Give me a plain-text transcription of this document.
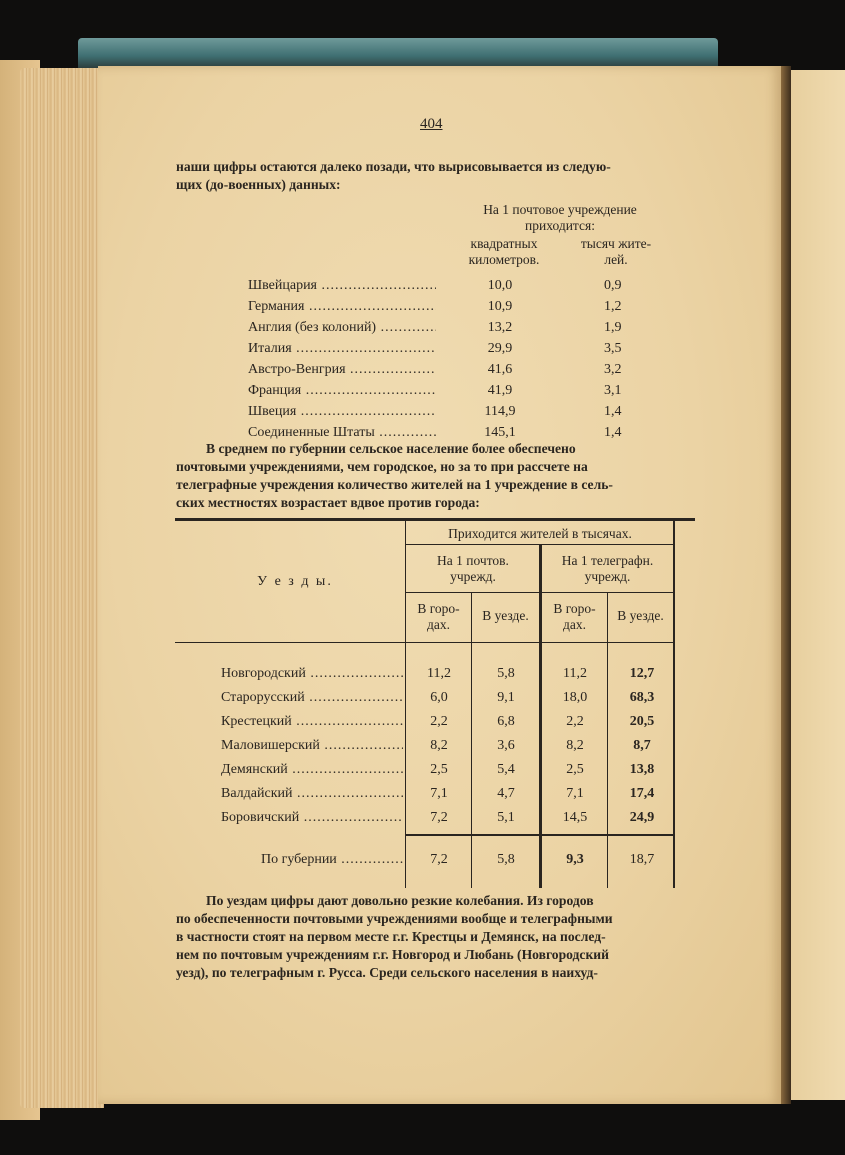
404
наши цифры остаются далеко позади, что вырисовывается из следую-
щих (до-военных) данных:
На 1 почтовое учреждение
приходится:
квадратных
километров.
тысяч жите-
лей.
Швейцария .....	10,0	0,9
Германия .....	10,9	1,2
Англия (без колоний) .....	13,2	1,9
Италия .....	29,9	3,5
Австро-Венгрия .....	41,6	3,2
Франция .....	41,9	3,1
Швеция .....	114,9	1,4
Соединенные Штаты .....	145,1	1,4
В среднем по губернии сельское население более обеспечено
почтовыми учреждениями, чем городское, но за то при рассчете на
телеграфные учреждения количество жителей на 1 учреждение в сель-
ских местностях возрастает вдвое против города:
У е з д ы.
Приходится жителей в тысячах.
На 1 почтов.
учрежд.
На 1 телеграфн.
учрежд.
В горо-
дах.
В уезде.	В горо-
дах.
В уезде.
Новгородский .....	11,2	5,8	11,2	12,7
Старорусский .....	6,0	9,1	18,0	68,3
Крестецкий .....	2,2	6,8	2,2	20,5
Маловишерский .....	8,2	3,6	8,2	8,7
Демянский .....	2,5	5,4	2,5	13,8
Валдайский .....	7,1	4,7	7,1	17,4
Боровичский .....	7,2	5,1	14,5	24,9
По губернии .....	7,2	5,8	9,3	18,7
По уездам цифры дают довольно резкие колебания. Из городов
по обеспеченности почтовыми учреждениями вообще и телеграфными
в частности стоят на первом месте г.г. Крестцы и Демянск, на послед-
нем по почтовым учреждениям г.г. Новгород и Любань (Новгородский
уезд), по телеграфным г. Русса. Среди сельского населения в наихуд-
